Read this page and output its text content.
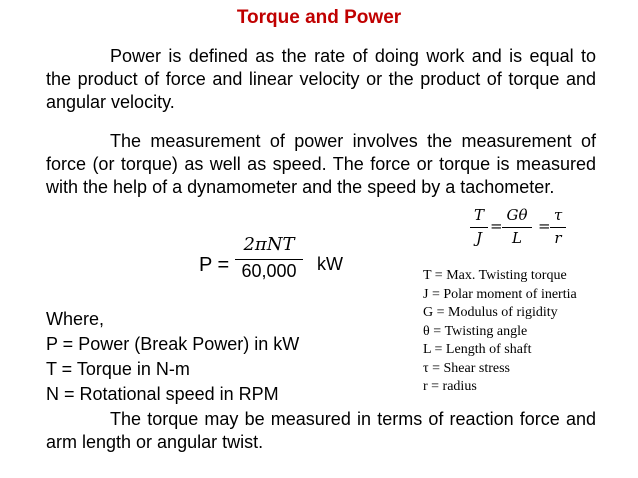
Torque and Power
Power is defined as the rate of doing work and is equal to the product of force and linear velocity or the product of torque and angular velocity.
The measurement of power involves the measurement of force (or torque) as well as speed. The force or torque is measured with the help of a dynamometer and the speed by a tachometer.
T
J
=
Gθ
L
=
τ
r
P =
2πNT
60,000	kW
T = Max. Twisting torque
J = Polar moment of inertia
G = Modulus of rigidity
θ = Twisting angle
L = Length of shaft
τ = Shear stress
r = radius
Where,
P = Power (Break Power) in kW
T = Torque in N-m
N = Rotational speed in RPM
The torque may be measured in terms of reaction force and arm length or angular twist.
